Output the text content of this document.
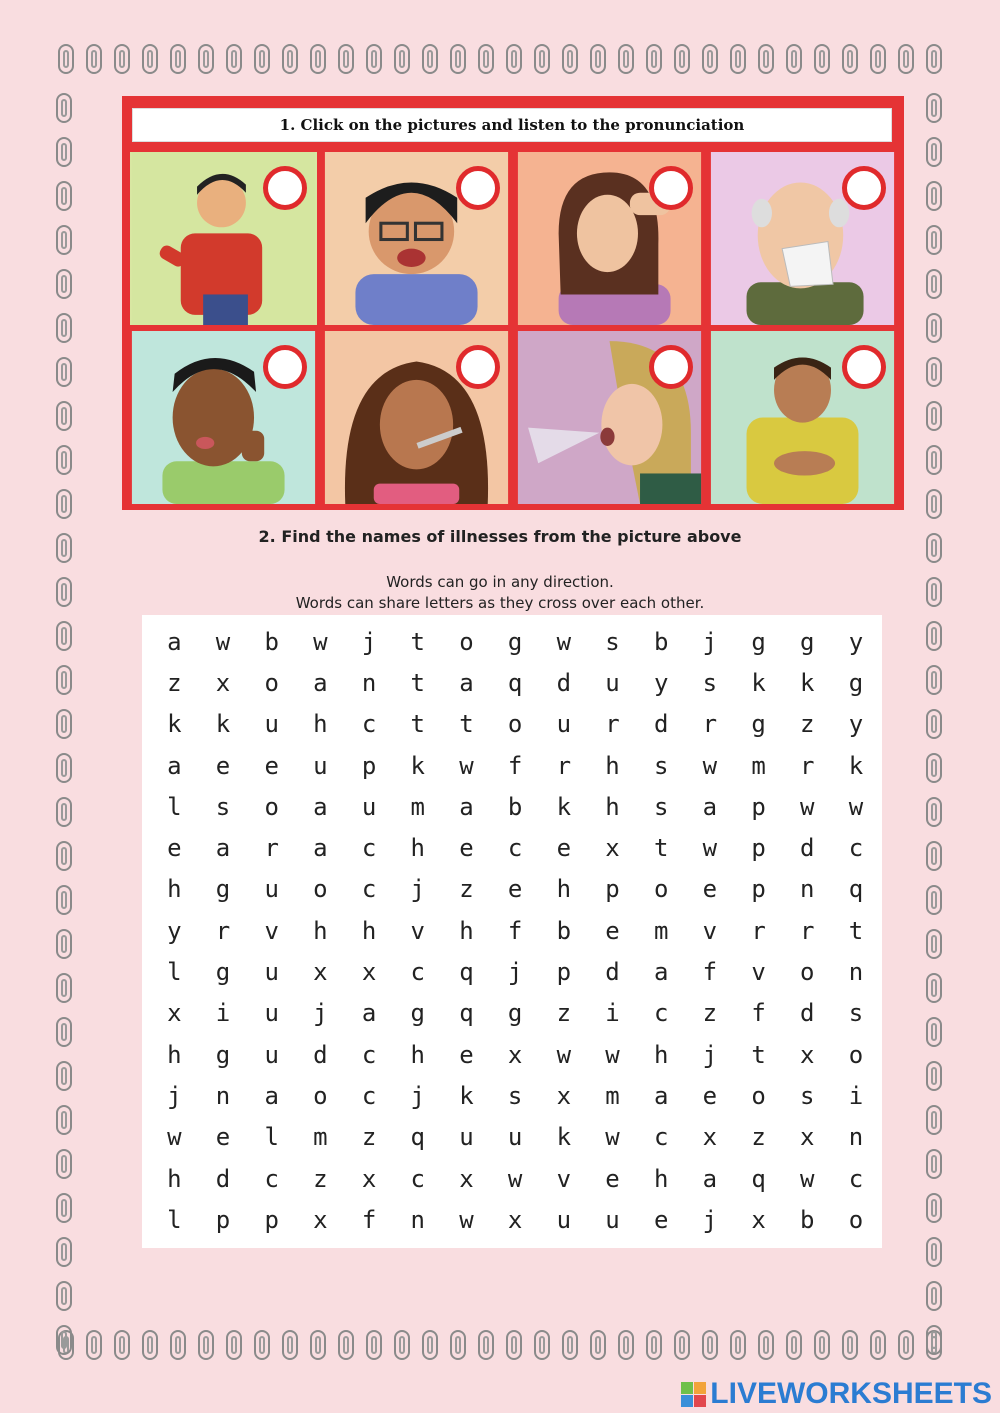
1. Click on the pictures and listen to the pronunciation
2. Find the names of illnesses from the picture above
Words can go in any direction.
Words can share letters as they cross over each other.
a	w	b	w	j	t	o	g	w	s	b	j	g	g	y
z	x	o	a	n	t	a	q	d	u	y	s	k	k	g
k	k	u	h	c	t	t	o	u	r	d	r	g	z	y
a	e	e	u	p	k	w	f	r	h	s	w	m	r	k
l	s	o	a	u	m	a	b	k	h	s	a	p	w	w
e	a	r	a	c	h	e	c	e	x	t	w	p	d	c
h	g	u	o	c	j	z	e	h	p	o	e	p	n	q
y	r	v	h	h	v	h	f	b	e	m	v	r	r	t
l	g	u	x	x	c	q	j	p	d	a	f	v	o	n
x	i	u	j	a	g	q	g	z	i	c	z	f	d	s
h	g	u	d	c	h	e	x	w	w	h	j	t	x	o
j	n	a	o	c	j	k	s	x	m	a	e	o	s	i
w	e	l	m	z	q	u	u	k	w	c	x	z	x	n
h	d	c	z	x	c	x	w	v	e	h	a	q	w	c
l	p	p	x	f	n	w	x	u	u	e	j	x	b	o
LIVEWORKSHEETS
